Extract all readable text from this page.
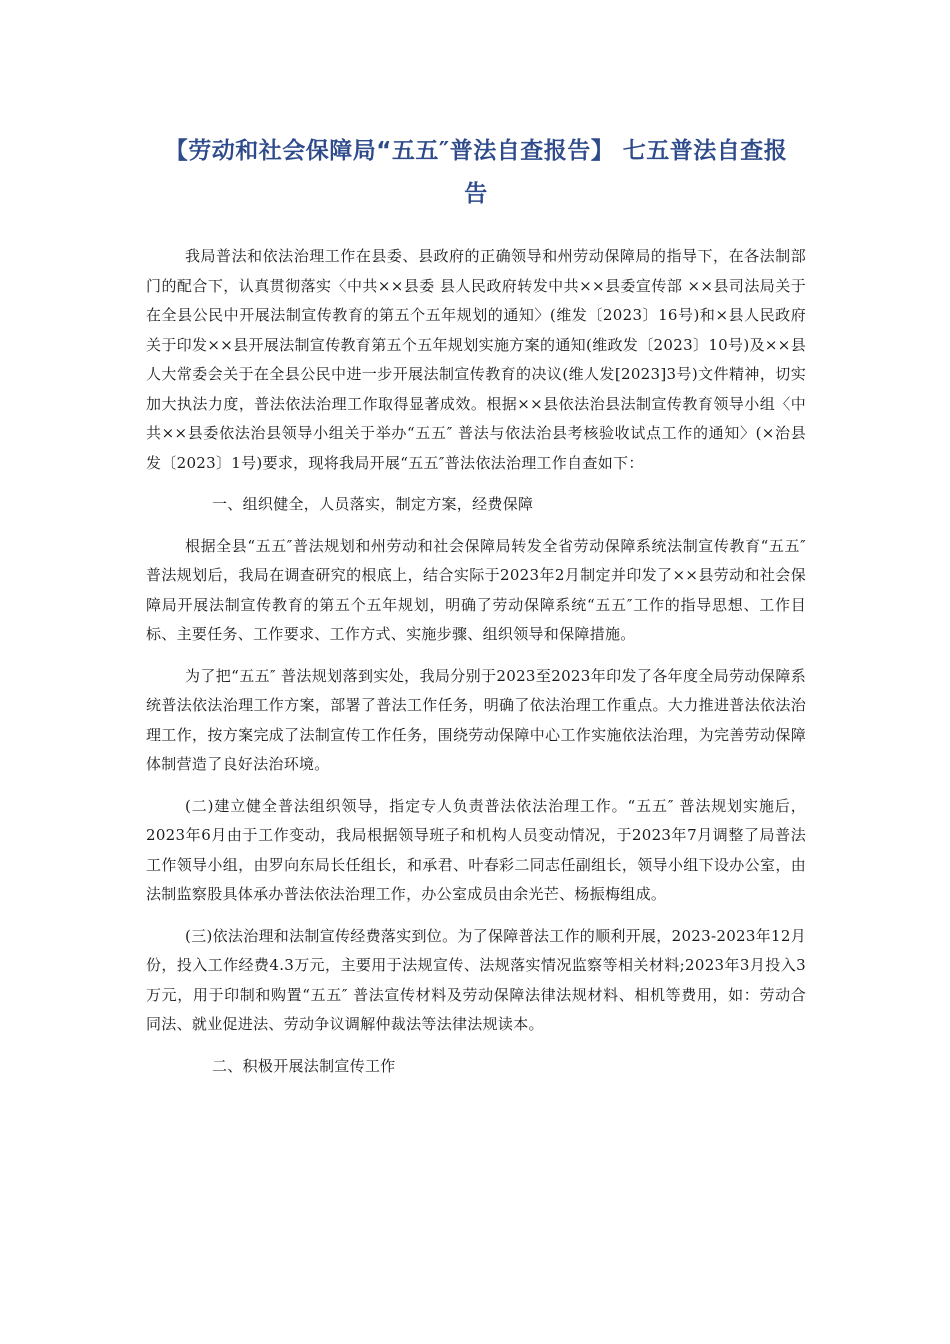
【劳动和社会保障局“五五″普法自查报告】 七五普法自查报
告

我局普法和依法治理工作在县委、县政府的正确领导和州劳动保障局的指导下，在各法制部门的配合下，认真贯彻落实〈中共××县委 县人民政府转发中共××县委宣传部 ××县司法局关于在全县公民中开展法制宣传教育的第五个五年规划的通知〉(维发〔2023〕16号)和×县人民政府关于印发××县开展法制宣传教育第五个五年规划实施方案的通知(维政发〔2023〕10号)及××县人大常委会关于在全县公民中进一步开展法制宣传教育的决议(维人发[2023]3号)文件精神，切实加大执法力度，普法依法治理工作取得显著成效。根据××县依法治县法制宣传教育领导小组〈中共××县委依法治县领导小组关于举办“五五″ 普法与依法治县考核验收试点工作的通知〉(×治县发〔2023〕1号)要求，现将我局开展“五五″普法依法治理工作自查如下：

一、组织健全，人员落实，制定方案，经费保障

根据全县“五五″普法规划和州劳动和社会保障局转发全省劳动保障系统法制宣传教育“五五″普法规划后，我局在调查研究的根底上，结合实际于2023年2月制定并印发了××县劳动和社会保障局开展法制宣传教育的第五个五年规划，明确了劳动保障系统“五五″工作的指导思想、工作目标、主要任务、工作要求、工作方式、实施步骤、组织领导和保障措施。

为了把“五五″ 普法规划落到实处，我局分别于2023至2023年印发了各年度全局劳动保障系统普法依法治理工作方案，部署了普法工作任务，明确了依法治理工作重点。大力推进普法依法治理工作，按方案完成了法制宣传工作任务，围绕劳动保障中心工作实施依法治理，为完善劳动保障体制营造了良好法治环境。

(二)建立健全普法组织领导，指定专人负责普法依法治理工作。“五五″ 普法规划实施后，2023年6月由于工作变动，我局根据领导班子和机构人员变动情况，于2023年7月调整了局普法工作领导小组，由罗向东局长任组长，和承君、叶春彩二同志任副组长，领导小组下设办公室，由法制监察股具体承办普法依法治理工作，办公室成员由余光芒、杨振梅组成。

(三)依法治理和法制宣传经费落实到位。为了保障普法工作的顺利开展，2023-2023年12月份，投入工作经费4.3万元，主要用于法规宣传、法规落实情况监察等相关材料;2023年3月投入3万元，用于印制和购置“五五″ 普法宣传材料及劳动保障法律法规材料、相机等费用，如：劳动合同法、就业促进法、劳动争议调解仲裁法等法律法规读本。

二、积极开展法制宣传工作
